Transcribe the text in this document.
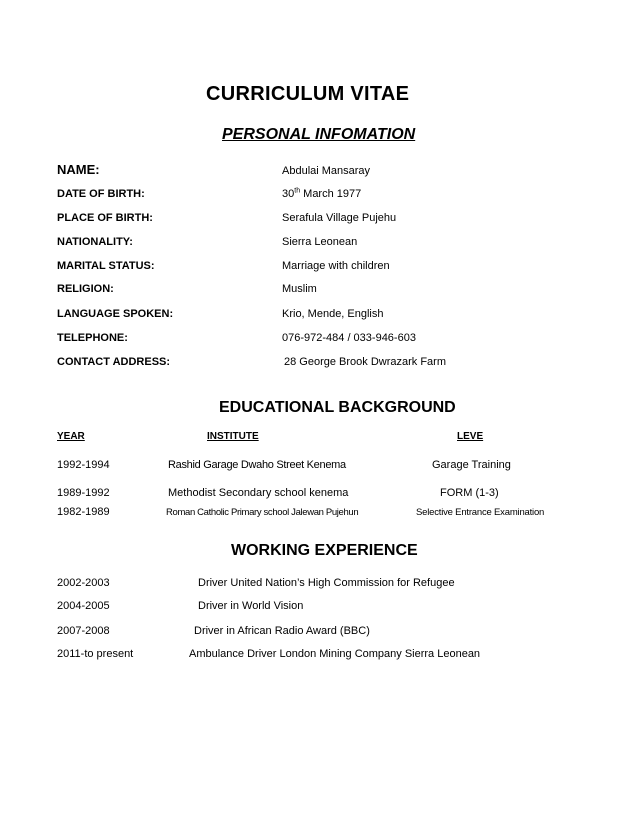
CURRICULUM VITAE
PERSONAL INFOMATION
NAME:	Abdulai Mansaray
DATE OF BIRTH:	30th March 1977
PLACE OF BIRTH:	Serafula Village Pujehu
NATIONALITY:	Sierra Leonean
MARITAL STATUS:	Marriage with children
RELIGION:	Muslim
LANGUAGE SPOKEN:	Krio, Mende, English
TELEPHONE:	076-972-484 / 033-946-603
CONTACT ADDRESS:	28 George Brook Dwrazark Farm
EDUCATIONAL BACKGROUND
YEAR	INSTITUTE	LEVE
1992-1994	Rashid Garage Dwaho Street Kenema	Garage Training
1989-1992	Methodist Secondary school kenema	FORM (1-3)
1982-1989	Roman Catholic Primary school Jalewan Pujehun	Selective Entrance Examination
WORKING EXPERIENCE
2002-2003	Driver United Nation’s High Commission for Refugee
2004-2005	Driver in World Vision
2007-2008	Driver in African Radio Award (BBC)
2011-to present	Ambulance Driver London Mining Company Sierra Leonean
